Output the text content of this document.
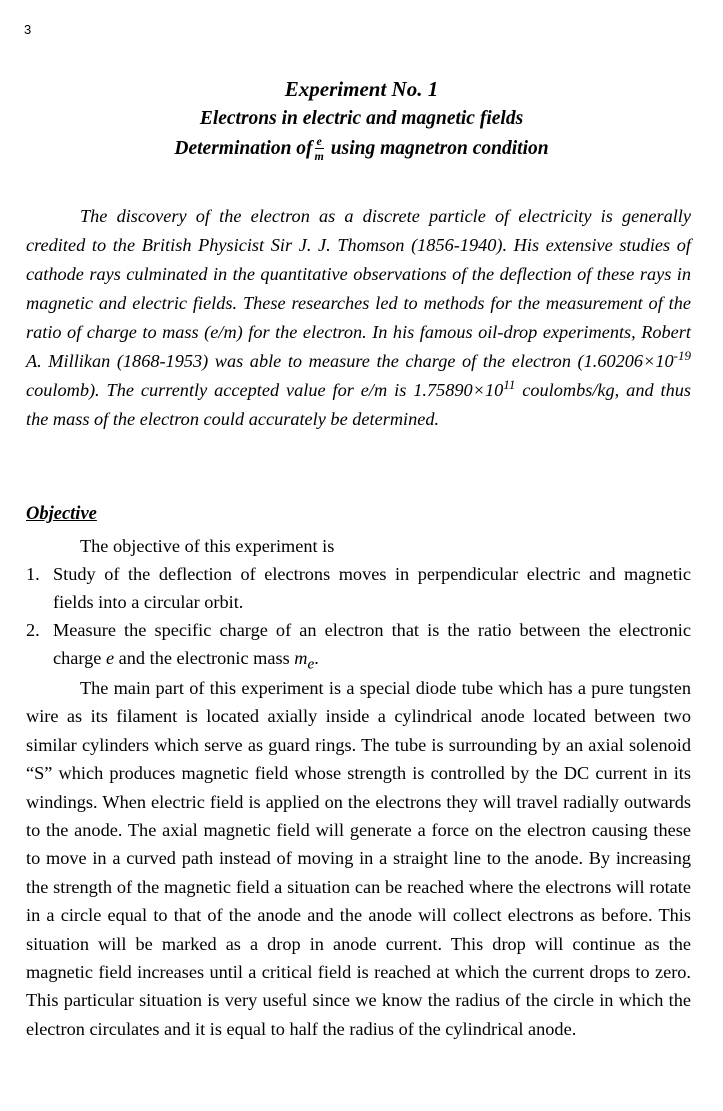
3
Experiment No. 1
Electrons in electric and magnetic fields
Determination of $\frac{e}{m}$ using magnetron condition

The discovery of the electron as a discrete particle of electricity is generally credited to the British Physicist Sir J. J. Thomson (1856-1940). His extensive studies of cathode rays culminated in the quantitative observations of the deflection of these rays in magnetic and electric fields. These researches led to methods for the measurement of the ratio of charge to mass (e/m) for the electron. In his famous oil-drop experiments, Robert A. Millikan (1868-1953) was able to measure the charge of the electron ($1.60206\times 10^{-19}$ coulomb). The currently accepted value for e/m is $1.75890\times 10^{11}$ coulombs/kg, and thus the mass of the electron could accurately be determined.

Objective

The objective of this experiment is

1. Study of the deflection of electrons moves in perpendicular electric and magnetic fields into a circular orbit.
2. Measure the specific charge of an electron that is the ratio between the electronic charge e and the electronic mass $m_e$.

The main part of this experiment is a special diode tube which has a pure tungsten wire as its filament is located axially inside a cylindrical anode located between two similar cylinders which serve as guard rings. The tube is surrounding by an axial solenoid “S” which produces magnetic field whose strength is controlled by the DC current in its windings. When electric field is applied on the electrons they will travel radially outwards to the anode. The axial magnetic field will generate a force on the electron causing these to move in a curved path instead of moving in a straight line to the anode. By increasing the strength of the magnetic field a situation can be reached where the electrons will rotate in a circle equal to that of the anode and the anode will collect electrons as before. This situation will be marked as a drop in anode current. This drop will continue as the magnetic field increases until a critical field is reached at which the current drops to zero. This particular situation is very useful since we know the radius of the circle in which the electron circulates and it is equal to half the radius of the cylindrical anode.
